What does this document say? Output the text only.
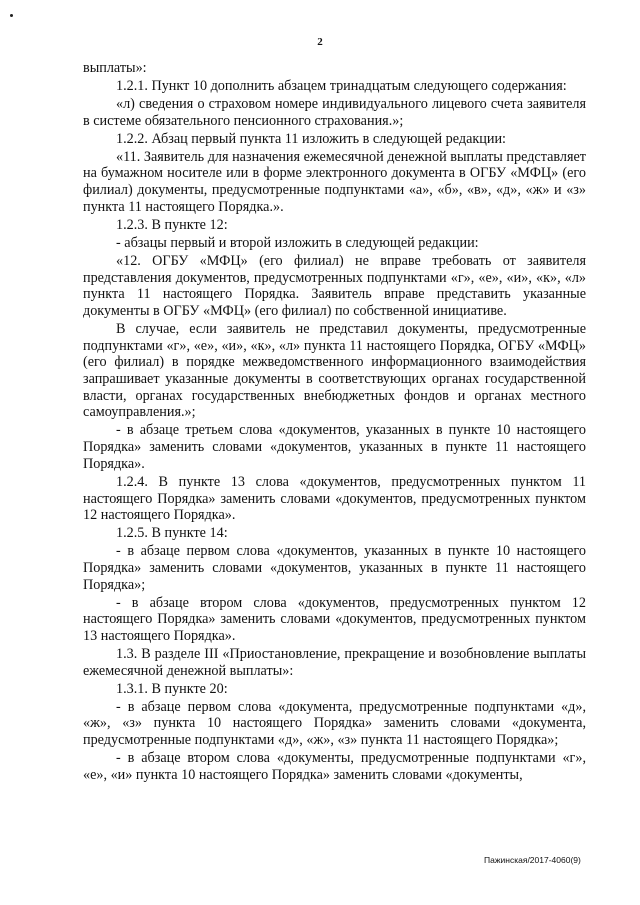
2

выплаты»:

1.2.1. Пункт 10 дополнить абзацем тринадцатым следующего содержания:

«л) сведения о страховом номере индивидуального лицевого счета заявителя в системе обязательного пенсионного страхования.»;

1.2.2. Абзац первый пункта 11 изложить в следующей редакции:

«11. Заявитель для назначения ежемесячной денежной выплаты представляет на бумажном носителе или в форме электронного документа в ОГБУ «МФЦ» (его филиал) документы, предусмотренные подпунктами «а», «б», «в», «д», «ж» и «з» пункта 11 настоящего Порядка.».

1.2.3. В пункте 12:

- абзацы первый и второй изложить в следующей редакции:

«12. ОГБУ «МФЦ» (его филиал) не вправе требовать от заявителя представления документов, предусмотренных подпунктами «г», «е», «и», «к», «л» пункта 11 настоящего Порядка. Заявитель вправе представить указанные документы в ОГБУ «МФЦ» (его филиал) по собственной инициативе.

В случае, если заявитель не представил документы, предусмотренные подпунктами «г», «е», «и», «к», «л» пункта 11 настоящего Порядка, ОГБУ «МФЦ» (его филиал) в порядке межведомственного информационного взаимодействия запрашивает указанные документы в соответствующих органах государственной власти, органах государственных внебюджетных фондов и органах местного самоуправления.»;

- в абзаце третьем слова «документов, указанных в пункте 10 настоящего Порядка» заменить словами «документов, указанных в пункте 11 настоящего Порядка».

1.2.4. В пункте 13 слова «документов, предусмотренных пунктом 11 настоящего Порядка» заменить словами «документов, предусмотренных пунктом 12 настоящего Порядка».

1.2.5. В пункте 14:

- в абзаце первом слова «документов, указанных в пункте 10 настоящего Порядка» заменить словами «документов, указанных в пункте 11 настоящего Порядка»;

- в абзаце втором слова «документов, предусмотренных пунктом 12 настоящего Порядка» заменить словами «документов, предусмотренных пунктом 13 настоящего Порядка».

1.3. В разделе III «Приостановление, прекращение и возобновление выплаты ежемесячной денежной выплаты»:

1.3.1. В пункте 20:

- в абзаце первом слова «документа, предусмотренные подпунктами «д», «ж», «з» пункта 10 настоящего Порядка» заменить словами «документа, предусмотренные подпунктами «д», «ж», «з» пункта 11 настоящего Порядка»;

- в абзаце втором слова «документы, предусмотренные подпунктами «г», «е», «и» пункта 10 настоящего Порядка» заменить словами «документы,

Пажинская/2017-4060(9)
